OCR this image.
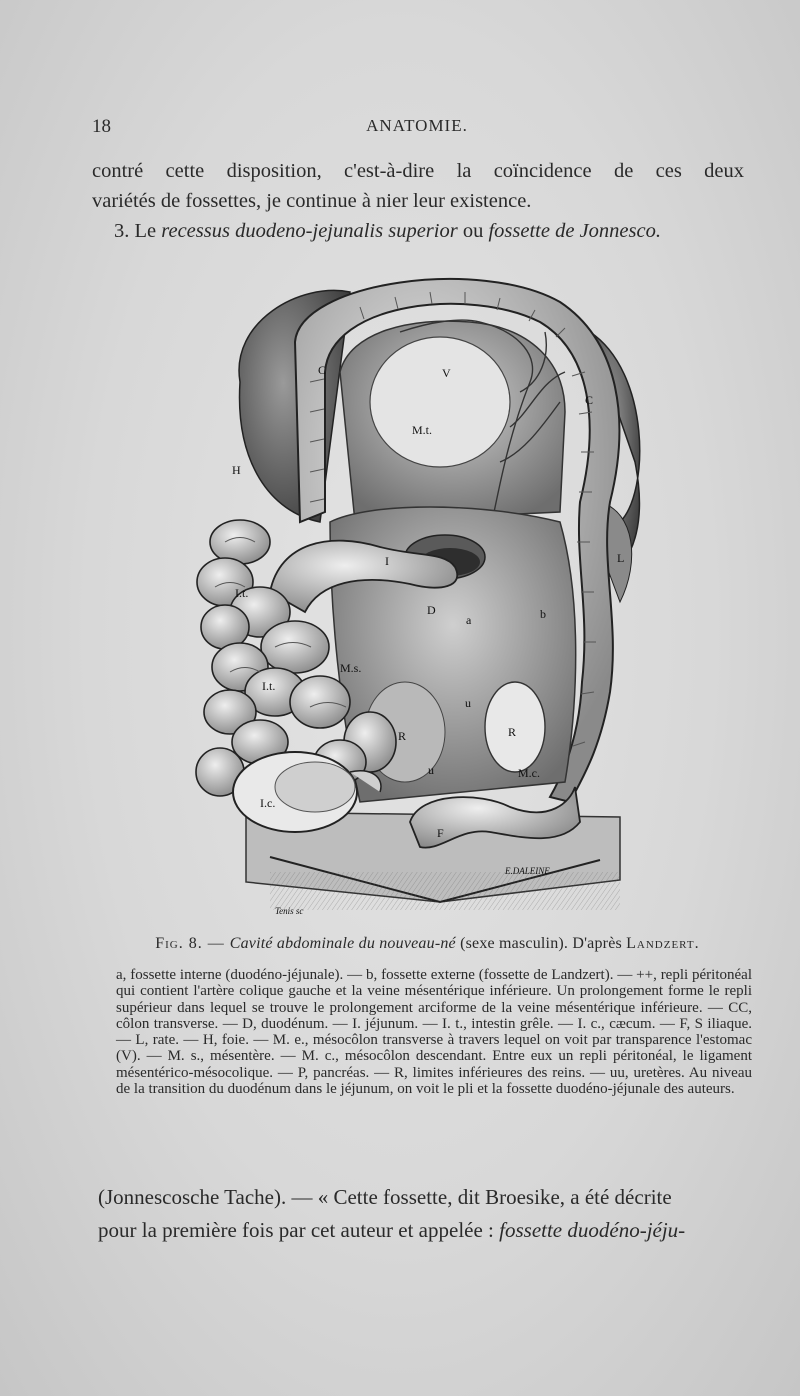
18	ANATOMIE.
contré cette disposition, c'est-à-dire la coïncidence de ces deux
variétés de fossettes, je continue à nier leur existence.
3. Le recessus duodeno-jejunalis superior ou fossette de Jonnesco.
C
C
V
M.t.
H
L
I
I.t.
I.t.
D
a	b
M.s.
R	R
u
u	M.c.
I.c.
F
E.DALEINE
Tenis sc
Fig. 8. — Cavité abdominale du nouveau-né (sexe masculin). D'après Landzert.
a, fossette interne (duodéno-jéjunale). — b, fossette externe (fossette de Landzert). — ++, repli péritonéal qui contient l'artère colique gauche et la veine mésentérique inférieure. Un prolongement forme le repli supérieur dans lequel se trouve le prolongement arciforme de la veine mésentérique inférieure. — CC, côlon transverse. — D, duodénum. — I. jéjunum. — I. t., intestin grêle. — I. c., cæcum. — F, S iliaque. — L, rate. — H, foie. — M. e., mésocôlon transverse à travers lequel on voit par transparence l'estomac (V). — M. s., mésentère. — M. c., mésocôlon descendant. Entre eux un repli péritonéal, le ligament mésentérico-mésocolique. — P, pancréas. — R, limites inférieures des reins. — uu, uretères. Au niveau de la transition du duodénum dans le jéjunum, on voit le pli et la fossette duodéno-jéjunale des auteurs.
(Jonnescosche Tache). — « Cette fossette, dit Broesike, a été décrite
pour la première fois par cet auteur et appelée : fossette duodéno-jéju-
